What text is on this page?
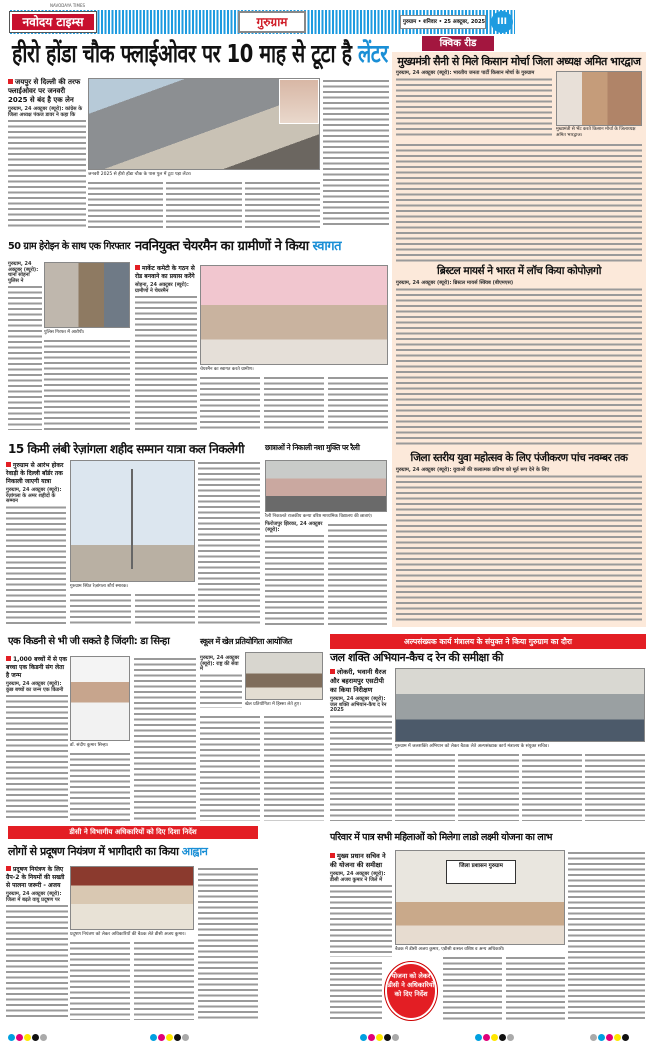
नवोदय टाइम्स
NAVODAYA TIMES
गुरुग्राम	गुरुग्राम • शनिवार • 25 अक्टूबर, 2025	III
हीरो होंडा चौक फ्लाईओवर पर 10 माह से टूटा है लेंटर
जयपुर से दिल्ली की तरफ फ्लाईओवर पर जनवरी 2025 से बंद है एक लेन
गुरुग्राम, 24 अक्टूबर (ब्यूरो): कांग्रेस के जिला अध्यक्ष पंकज डावर ने कहा कि
जनवरी 2025 से हीरो होंडा चौक के पास पुल में टूटा पड़ा लेंटर।
क्विक रीड
मुख्यमंत्री सैनी से मिले किसान मोर्चा जिला अध्यक्ष अमित भारद्वाज
गुरुग्राम, 24 अक्टूबर (ब्यूरो): भारतीय जनता पार्टी किसान मोर्चा के गुरुग्राम
मुख्यमंत्री से भेंट करते किसान मोर्चा के जिलाध्यक्ष अमित भारद्वाज।
ब्रिस्टल मायर्स ने भारत में लॉच किया कोपोज़गो
गुरुग्राम, 24 अक्टूबर (ब्यूरो): ब्रिस्टल मायर्स स्क्विब (बीएमएस)
जिला स्तरीय युवा महोत्सव के लिए पंजीकरण पांच नवम्बर तक
गुरुग्राम, 24 अक्टूबर (ब्यूरो): युवाओं की कलात्मक प्रतिभा को मूर्त रूप देने के लिए
50 ग्राम हेरोइन के साथ एक गिरफ्तार
गुरुग्राम, 24 अक्टूबर (ब्यूरो): थाना सोहना पुलिस ने
पुलिस गिरफ्त में आरोपी।
नवनियुक्त चेयरमैन का ग्रामीणों ने किया स्वागत
मार्केट कमेटी के गठन से रोड बनवाने का प्रयास करेंगे
सोहना, 24 अक्टूबर (ब्यूरो): ग्रामीणों ने चेयरमैन
चेयरमैन का स्वागत करते ग्रामीण।
15 किमी लंबी रेज़ांगला शहीद सम्मान यात्रा कल निकलेगी
गुरुग्राम से आरंभ होकर रेवाड़ी के दिल्ली बॉर्डर तक निकाली जाएगी यात्रा
गुरुग्राम, 24 अक्टूबर (ब्यूरो): रेज़ांगला के अमर शहीदों के सम्मान
गुरुग्राम स्थित रेज़ांगला शौर्य स्मारक।
छात्राओं ने निकाली नशा मुक्ति पर रैली
रैली निकालते राजकीय कन्या वरिष्ठ माध्यमिक विद्यालय की छात्राएं।
फिरोजपुर झिरका, 24 अक्टूबर (ब्यूरो):
एक किडनी से भी जी सकते है जिंदगी: डा सिन्हा
1,000 बच्चों में से एक बच्चा एक किडनी संग लेता है जन्म
गुरुग्राम, 24 अक्टूबर (ब्यूरो): कुछ बच्चों का जन्म एक किडनी
डॉ. संदीप कुमार सिन्हा।
स्कूल में खेल प्रतियोगिता आयोजित
गुरुग्राम, 24 अक्टूबर (ब्यूरो): राष्ट्र की सेवा में
खेल प्रतियोगिता में हिस्सा लेते हुए।
अल्पसंख्यक कार्य मंत्रालय के संयुक्त ने किया गुरुग्राम का दौरा
जल शक्ति अभियान-कैच द रेन की समीक्षा की
लोकरी, भवानी धैरज और बहरामपुर एसटीपी का किया निरीक्षण
गुरुग्राम, 24 अक्टूबर (ब्यूरो): जल शक्ति अभियान-कैच द रेन 2025
गुरुग्राम में जलशक्ति अभियान को लेकर बैठक लेते अल्पसंख्यक कार्य मंत्रालय के संयुक्त सचिव।
डीसी ने विभागीय अधिकारियों को दिए दिशा निर्देश
लोगों से प्रदूषण नियंत्रण में भागीदारी का किया आह्वान
प्रदूषण नियंत्रण के लिए ग्रैप-2 के नियमों की सख्ती से पालना जरूरी - अजय
गुरुग्राम, 24 अक्टूबर (ब्यूरो): जिला में बढ़ते वायु प्रदूषण पर
प्रदूषण नियंत्रण को लेकर अधिकारियों की बैठक लेते डीसी अजय कुमार।
परिवार में पात्र सभी महिलाओं को मिलेगा लाडो लक्ष्मी योजना का लाभ
मुख्य प्रधान सचिव ने की योजना की समीक्षा
गुरुग्राम, 24 अक्टूबर (ब्यूरो): डीसी अजय कुमार ने जिले में
जिला प्रशासन गुरुग्राम
बैठक में डीसी अजय कुमार, एडीसी वत्सल वशिष्ठ व अन्य अधिकारी।
योजना को लेकर डीसी ने अधिकारियों को दिए निर्देश
